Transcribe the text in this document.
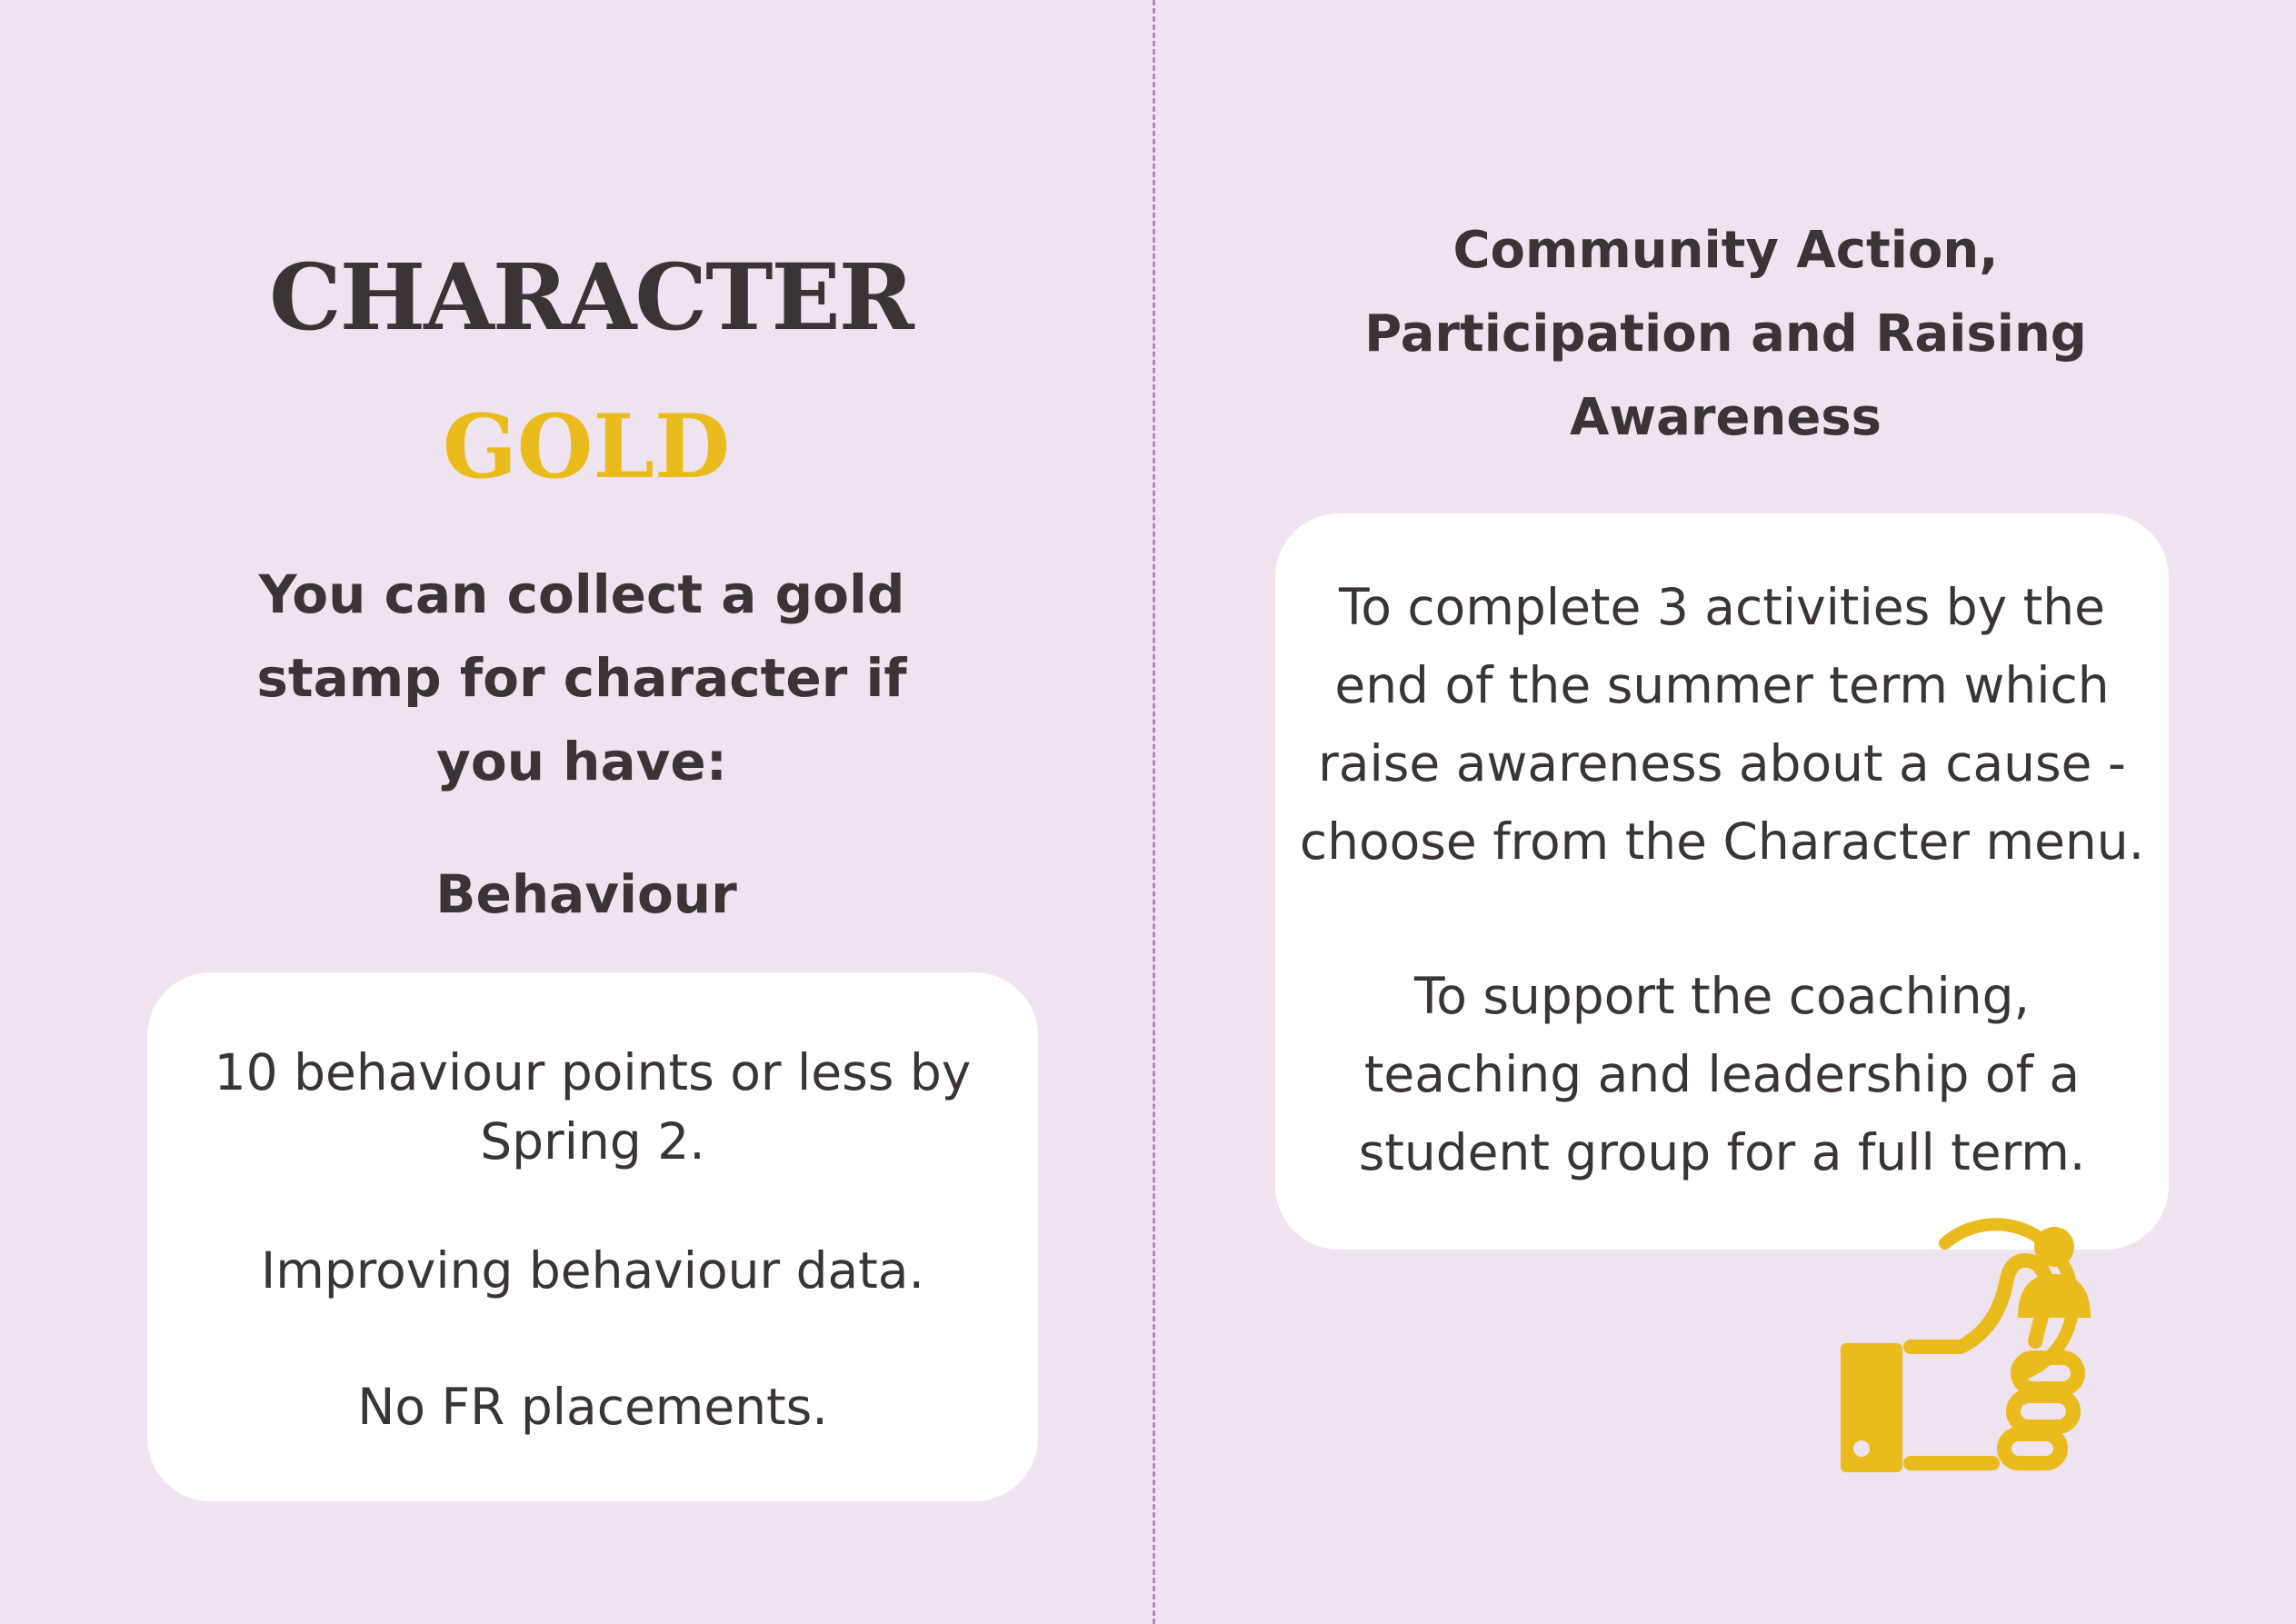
CHARACTER
GOLD
You can collect a gold
stamp for character if
you have:
Behaviour

10 behaviour points or less by
Spring 2.

Improving behaviour data.

No FR placements.

Community Action,
Participation and Raising
Awareness

To complete 3 activities by the
end of the summer term which
raise awareness about a cause -
choose from the Character menu.

To support the coaching,
teaching and leadership of a
student group for a full term.
